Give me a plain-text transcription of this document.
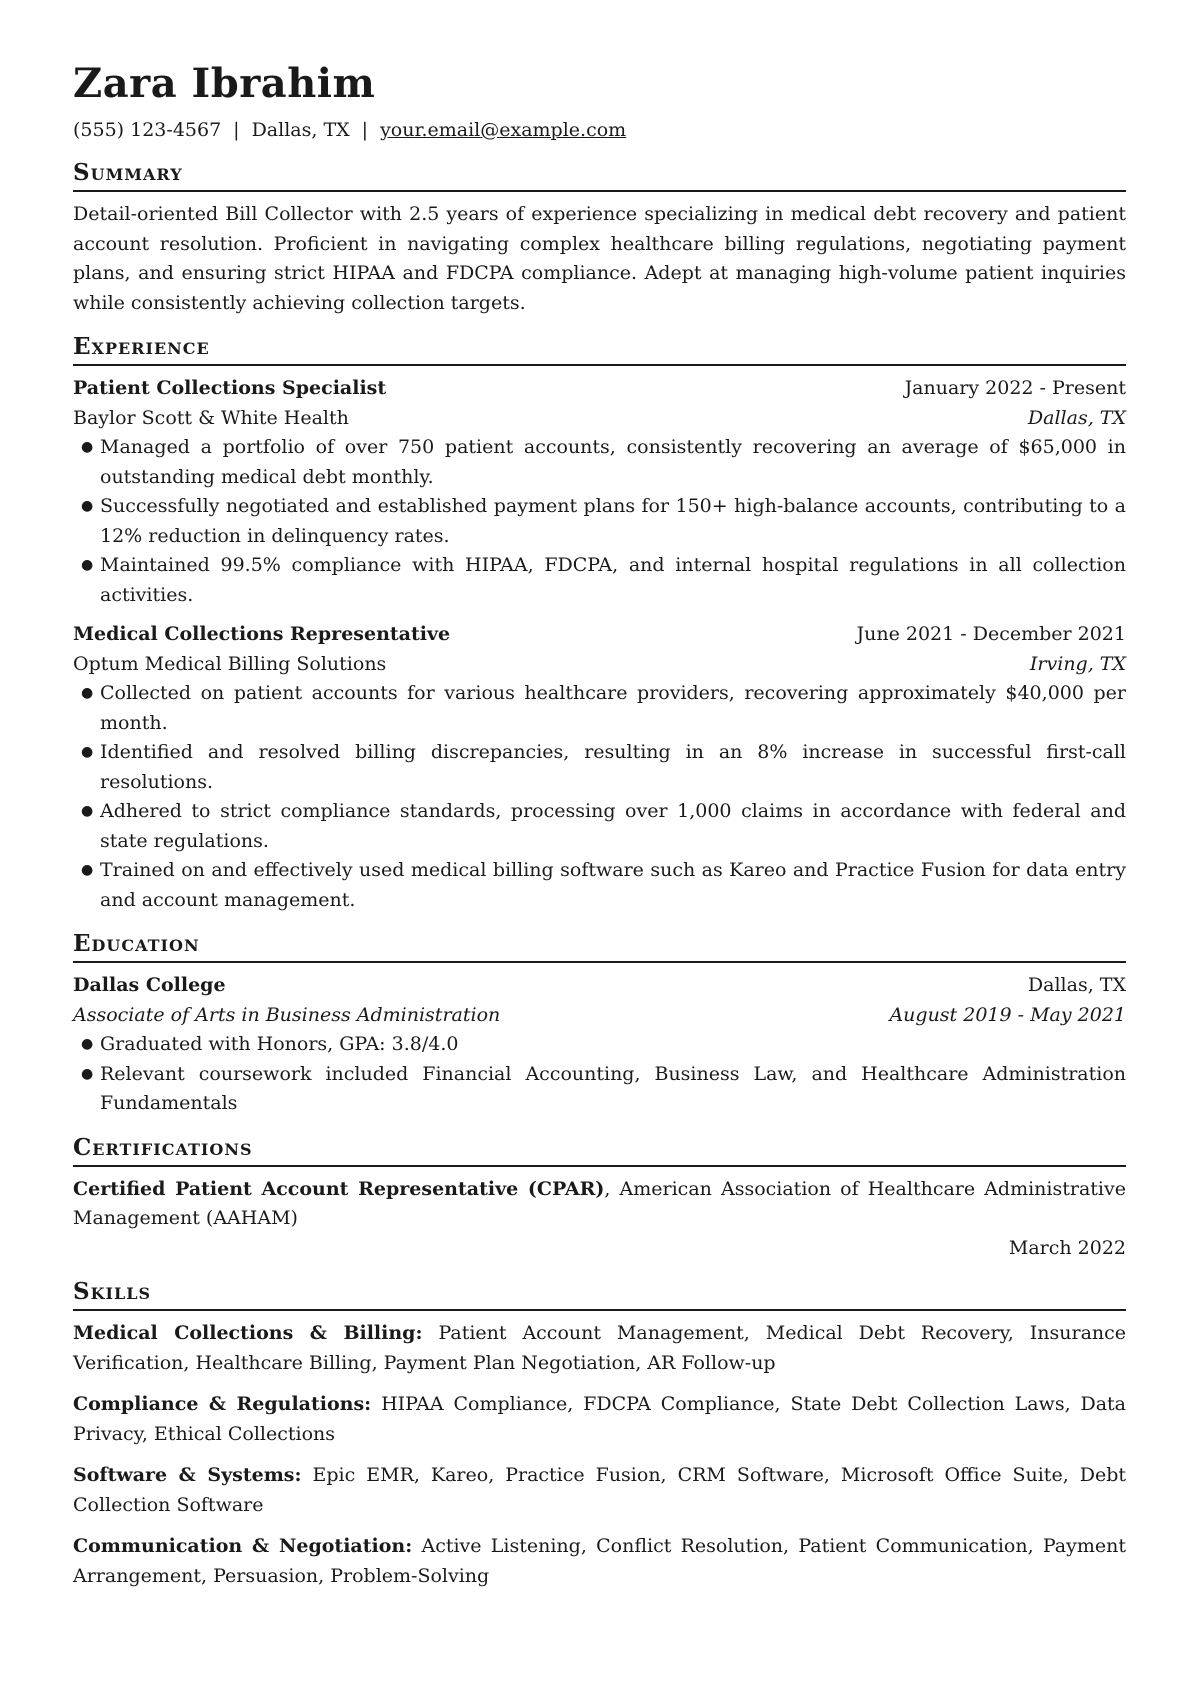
Zara Ibrahim
(555) 123-4567 | Dallas, TX | your.email@example.com
Summary
Detail-oriented Bill Collector with 2.5 years of experience specializing in medical debt recovery and patient account resolution. Proficient in navigating complex healthcare billing regulations, negotiating payment plans, and ensuring strict HIPAA and FDCPA compliance. Adept at managing high-volume patient inquiries while consistently achieving collection targets.
Experience
Patient Collections Specialist	January 2022 - Present
Baylor Scott & White Health	Dallas, TX
● Managed a portfolio of over 750 patient accounts, consistently recovering an average of $65,000 in outstanding medical debt monthly.
● Successfully negotiated and established payment plans for 150+ high-balance accounts, contributing to a 12% reduction in delinquency rates.
● Maintained 99.5% compliance with HIPAA, FDCPA, and internal hospital regulations in all collection activities.
Medical Collections Representative	June 2021 - December 2021
Optum Medical Billing Solutions	Irving, TX
● Collected on patient accounts for various healthcare providers, recovering approximately $40,000 per month.
● Identified and resolved billing discrepancies, resulting in an 8% increase in successful first-call resolutions.
● Adhered to strict compliance standards, processing over 1,000 claims in accordance with federal and state regulations.
● Trained on and effectively used medical billing software such as Kareo and Practice Fusion for data entry and account management.
Education
Dallas College	Dallas, TX
Associate of Arts in Business Administration	August 2019 - May 2021
● Graduated with Honors, GPA: 3.8/4.0
● Relevant coursework included Financial Accounting, Business Law, and Healthcare Administration Fundamentals
Certifications
Certified Patient Account Representative (CPAR), American Association of Healthcare Administrative Management (AAHAM)
March 2022
Skills
Medical Collections & Billing: Patient Account Management, Medical Debt Recovery, Insurance Verification, Healthcare Billing, Payment Plan Negotiation, AR Follow-up
Compliance & Regulations: HIPAA Compliance, FDCPA Compliance, State Debt Collection Laws, Data Privacy, Ethical Collections
Software & Systems: Epic EMR, Kareo, Practice Fusion, CRM Software, Microsoft Office Suite, Debt Collection Software
Communication & Negotiation: Active Listening, Conflict Resolution, Patient Communication, Payment Arrangement, Persuasion, Problem-Solving
